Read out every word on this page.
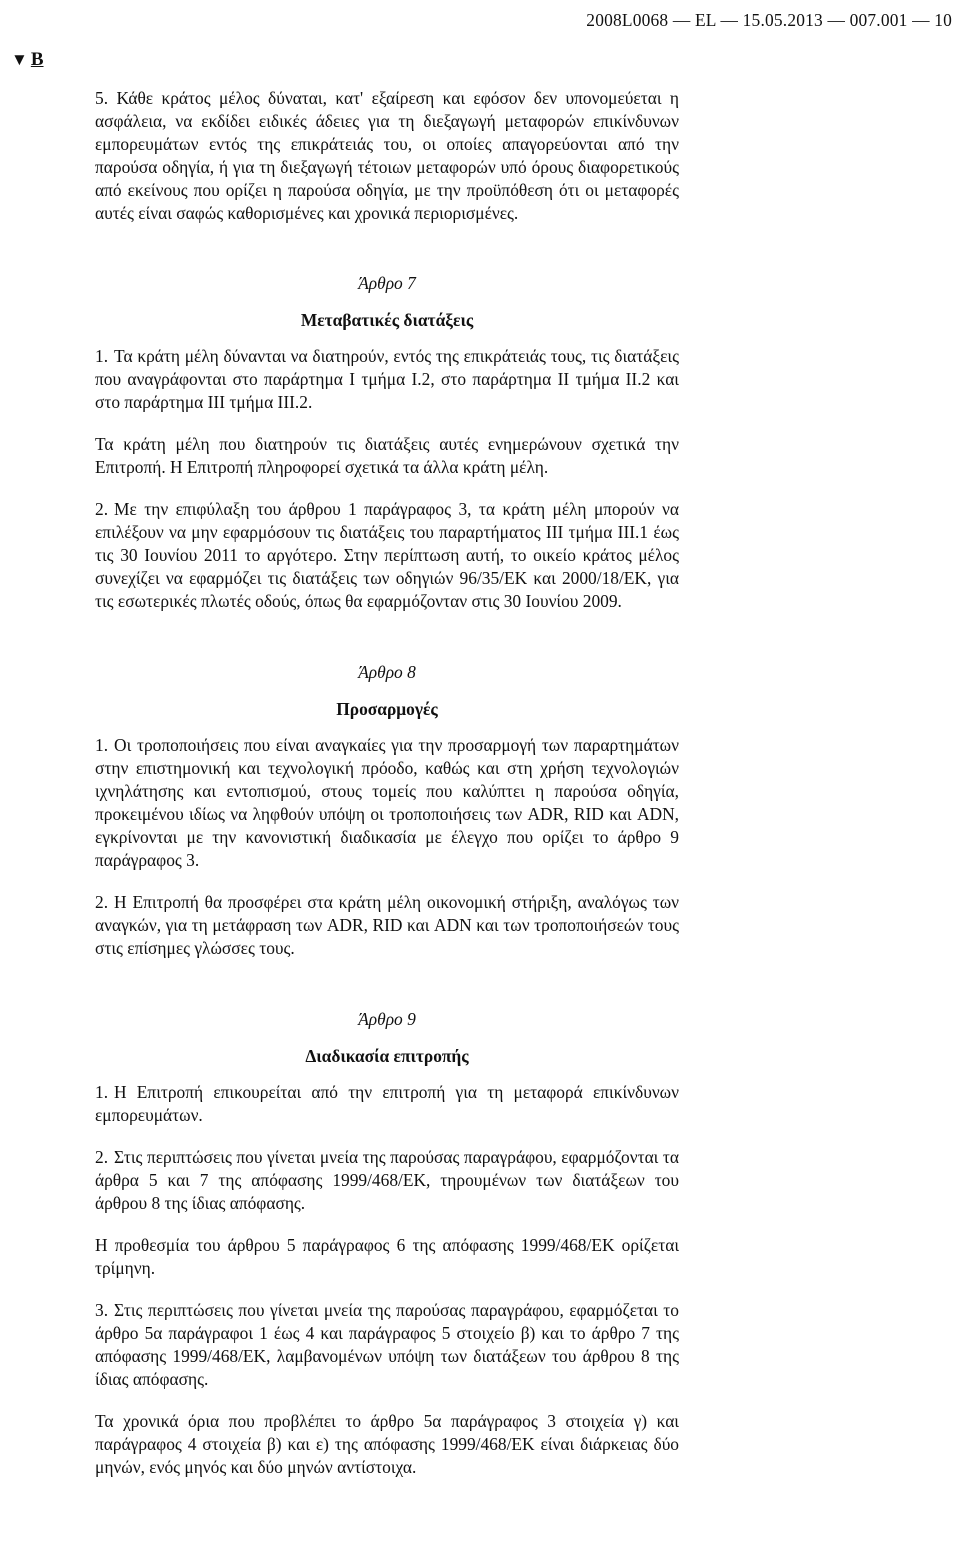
2008L0068 — EL — 15.05.2013 — 007.001 — 10
▼ B

5. Κάθε κράτος μέλος δύναται, κατ' εξαίρεση και εφόσον δεν υπονομεύεται η ασφάλεια, να εκδίδει ειδικές άδειες για τη διεξαγωγή μεταφορών επικίνδυνων εμπορευμάτων εντός της επικράτειάς του, οι οποίες απαγορεύονται από την παρούσα οδηγία, ή για τη διεξαγωγή τέτοιων μεταφορών υπό όρους διαφορετικούς από εκείνους που ορίζει η παρούσα οδηγία, με την προϋπόθεση ότι οι μεταφορές αυτές είναι σαφώς καθορισμένες και χρονικά περιορισμένες.

Άρθρο 7
Μεταβατικές διατάξεις

1. Τα κράτη μέλη δύνανται να διατηρούν, εντός της επικράτειάς τους, τις διατάξεις που αναγράφονται στο παράρτημα I τμήμα I.2, στο παράρτημα II τμήμα II.2 και στο παράρτημα III τμήμα III.2.

Τα κράτη μέλη που διατηρούν τις διατάξεις αυτές ενημερώνουν σχετικά την Επιτροπή. Η Επιτροπή πληροφορεί σχετικά τα άλλα κράτη μέλη.

2. Με την επιφύλαξη του άρθρου 1 παράγραφος 3, τα κράτη μέλη μπορούν να επιλέξουν να μην εφαρμόσουν τις διατάξεις του παραρτήματος III τμήμα III.1 έως τις 30 Ιουνίου 2011 το αργότερο. Στην περίπτωση αυτή, το οικείο κράτος μέλος συνεχίζει να εφαρμόζει τις διατάξεις των οδηγιών 96/35/ΕΚ και 2000/18/ΕΚ, για τις εσωτερικές πλωτές οδούς, όπως θα εφαρμόζονταν στις 30 Ιουνίου 2009.

Άρθρο 8
Προσαρμογές

1. Οι τροποποιήσεις που είναι αναγκαίες για την προσαρμογή των παραρτημάτων στην επιστημονική και τεχνολογική πρόοδο, καθώς και στη χρήση τεχνολογιών ιχνηλάτησης και εντοπισμού, στους τομείς που καλύπτει η παρούσα οδηγία, προκειμένου ιδίως να ληφθούν υπόψη οι τροποποιήσεις των ADR, RID και ADN, εγκρίνονται με την κανονιστική διαδικασία με έλεγχο που ορίζει το άρθρο 9 παράγραφος 3.

2. Η Επιτροπή θα προσφέρει στα κράτη μέλη οικονομική στήριξη, αναλόγως των αναγκών, για τη μετάφραση των ADR, RID και ADN και των τροποποιήσεών τους στις επίσημες γλώσσες τους.

Άρθρο 9
Διαδικασία επιτροπής

1. Η Επιτροπή επικουρείται από την επιτροπή για τη μεταφορά επικίνδυνων εμπορευμάτων.

2. Στις περιπτώσεις που γίνεται μνεία της παρούσας παραγράφου, εφαρμόζονται τα άρθρα 5 και 7 της απόφασης 1999/468/ΕΚ, τηρουμένων των διατάξεων του άρθρου 8 της ίδιας απόφασης.

Η προθεσμία του άρθρου 5 παράγραφος 6 της απόφασης 1999/468/ΕΚ ορίζεται τρίμηνη.

3. Στις περιπτώσεις που γίνεται μνεία της παρούσας παραγράφου, εφαρμόζεται το άρθρο 5α παράγραφοι 1 έως 4 και παράγραφος 5 στοιχείο β) και το άρθρο 7 της απόφασης 1999/468/ΕΚ, λαμβανομένων υπόψη των διατάξεων του άρθρου 8 της ίδιας απόφασης.

Τα χρονικά όρια που προβλέπει το άρθρο 5α παράγραφος 3 στοιχεία γ) και παράγραφος 4 στοιχεία β) και ε) της απόφασης 1999/468/ΕΚ είναι διάρκειας δύο μηνών, ενός μηνός και δύο μηνών αντίστοιχα.
